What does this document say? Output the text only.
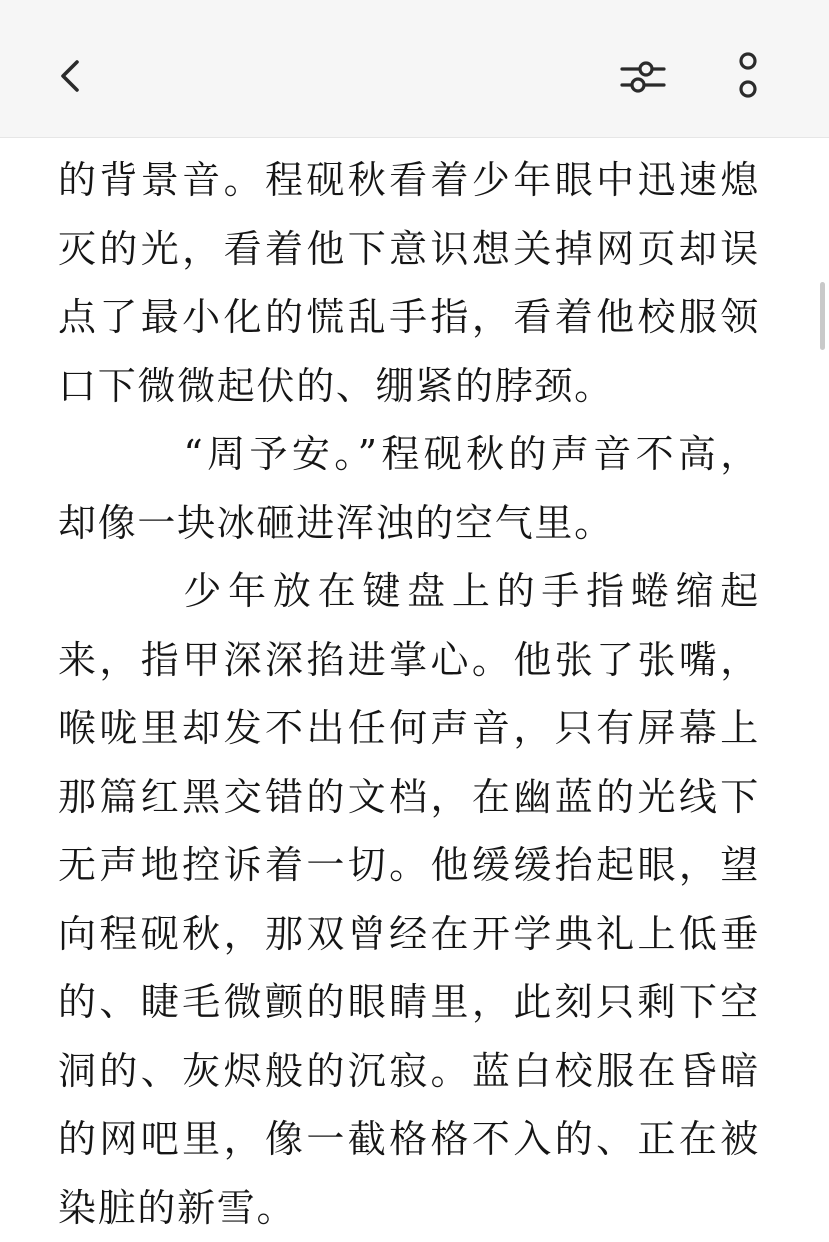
的背景音。程砚秋看着少年眼中迅速熄灭的光，看着他下意识想关掉网页却误点了最小化的慌乱手指，看着他校服领口下微微起伏的、绷紧的脖颈。

“周予安。”程砚秋的声音不高，却像一块冰砸进浑浊的空气里。

少年放在键盘上的手指蜷缩起来，指甲深深掐进掌心。他张了张嘴，喉咙里却发不出任何声音，只有屏幕上那篇红黑交错的文档，在幽蓝的光线下无声地控诉着一切。他缓缓抬起眼，望向程砚秋，那双曾经在开学典礼上低垂的、睫毛微颤的眼睛里，此刻只剩下空洞的、灰烬般的沉寂。蓝白校服在昏暗的网吧里，像一截格格不入的、正在被染脏的新雪。
